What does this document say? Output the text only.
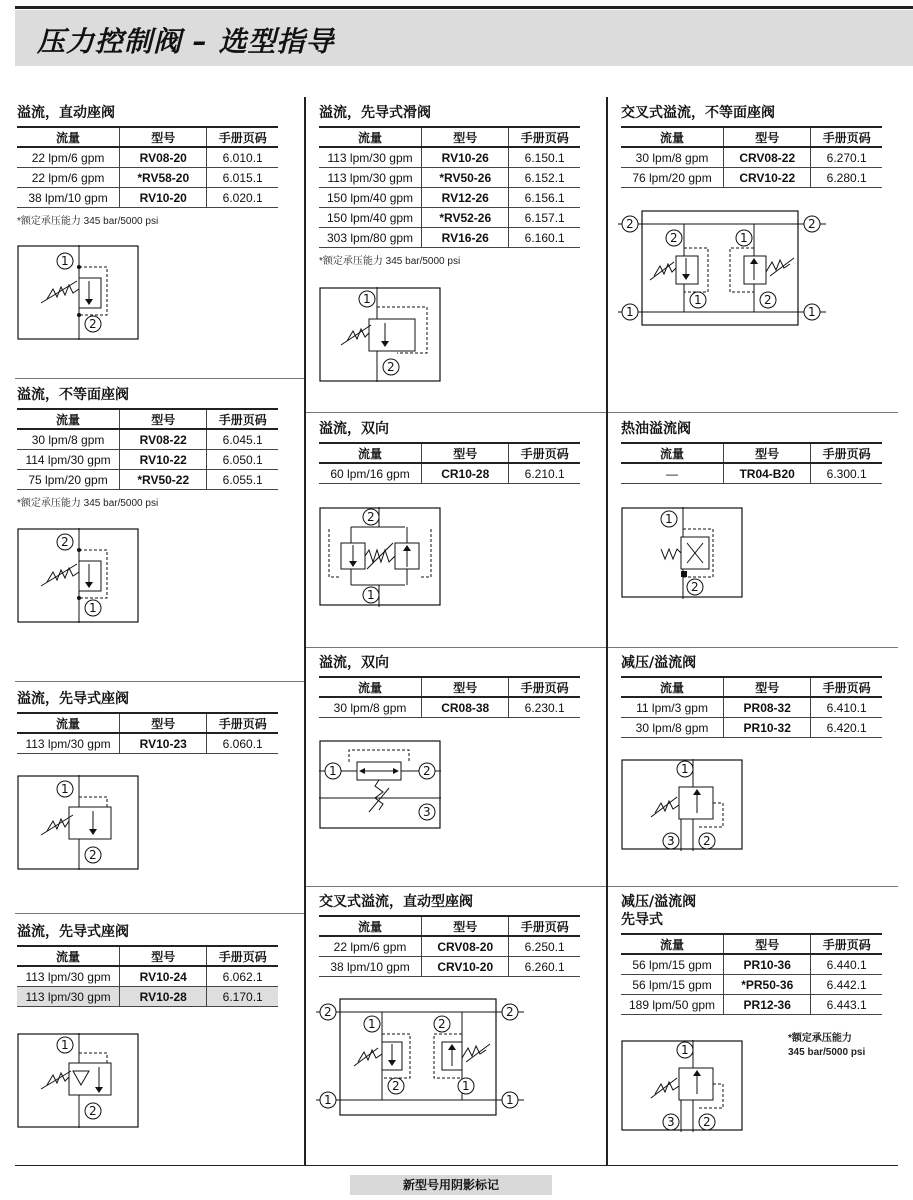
压力控制阀 – 选型指导
溢流，直动座阀
流量	型号	手册页码
22 lpm/6 gpm	RV08-20	6.010.1
22 lpm/6 gpm	*RV58-20	6.015.1
38 lpm/10 gpm	RV10-20	6.020.1
*额定承压能力 345 bar/5000 psi
1
2
溢流，不等面座阀
流量	型号	手册页码
30 lpm/8 gpm	RV08-22	6.045.1
114 lpm/30 gpm	RV10-22	6.050.1
75 lpm/20 gpm	*RV50-22	6.055.1
*额定承压能力 345 bar/5000 psi
2
1
溢流，先导式座阀
流量	型号	手册页码
113 lpm/30 gpm	RV10-23	6.060.1
1
2
溢流，先导式座阀
流量	型号	手册页码
113 lpm/30 gpm	RV10-24	6.062.1
113 lpm/30 gpm	RV10-28	6.170.1
1
2
溢流，先导式滑阀
流量	型号	手册页码
113 lpm/30 gpm	RV10-26	6.150.1
113 lpm/30 gpm	*RV50-26	6.152.1
150 lpm/40 gpm	RV12-26	6.156.1
150 lpm/40 gpm	*RV52-26	6.157.1
303 lpm/80 gpm	RV16-26	6.160.1
*额定承压能力 345 bar/5000 psi
1
2
溢流，双向
流量	型号	手册页码
60 lpm/16 gpm	CR10-28	6.210.1
2
1
溢流，双向
流量	型号	手册页码
30 lpm/8 gpm	CR08-38	6.230.1
1	2
3
交叉式溢流，直动型座阀
流量	型号	手册页码
22 lpm/6 gpm	CRV08-20	6.250.1
38 lpm/10 gpm	CRV10-20	6.260.1
2	2
1	1
1
2
2
1
交叉式溢流，不等面座阀
流量	型号	手册页码
30 lpm/8 gpm	CRV08-22	6.270.1
76 lpm/20 gpm	CRV10-22	6.280.1
2	2
1	1
2
1
1
2
热油溢流阀
流量	型号	手册页码
—	TR04-B20	6.300.1
1
2
减压/溢流阀
流量	型号	手册页码
11 lpm/3 gpm	PR08-32	6.410.1
30 lpm/8 gpm	PR10-32	6.420.1
1
3 2
减压/溢流阀
先导式
流量	型号	手册页码
56 lpm/15 gpm	PR10-36	6.440.1
56 lpm/15 gpm	*PR50-36	6.442.1
189 lpm/50 gpm	PR12-36	6.443.1
*额定承压能力
345 bar/5000 psi
1
3 2
新型号用阴影标记
